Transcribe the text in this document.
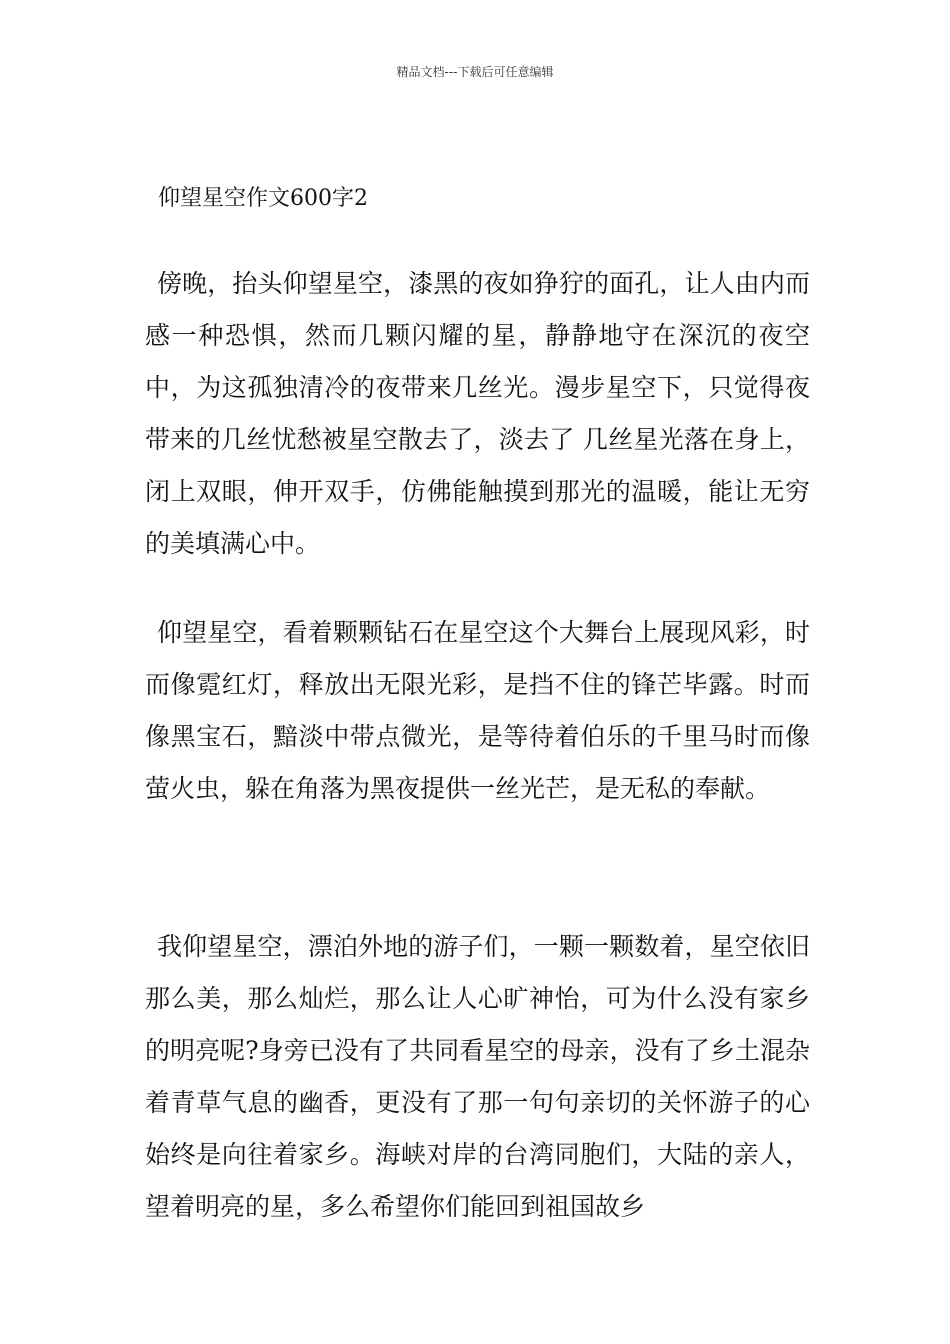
精品文档---下载后可任意编辑
仰望星空作文600字2

傍晚，抬头仰望星空，漆黑的夜如狰狞的面孔，让人由内而感一种恐惧，然而几颗闪耀的星，静静地守在深沉的夜空中，为这孤独清冷的夜带来几丝光。漫步星空下，只觉得夜带来的几丝忧愁被星空散去了，淡去了 几丝星光落在身上，闭上双眼，伸开双手，仿佛能触摸到那光的温暖，能让无穷的美填满心中。

仰望星空，看着颗颗钻石在星空这个大舞台上展现风彩，时而像霓红灯，释放出无限光彩，是挡不住的锋芒毕露。时而像黑宝石，黯淡中带点微光，是等待着伯乐的千里马时而像萤火虫，躲在角落为黑夜提供一丝光芒，是无私的奉献。

我仰望星空，漂泊外地的游子们，一颗一颗数着，星空依旧那么美，那么灿烂，那么让人心旷神怡，可为什么没有家乡的明亮呢?身旁已没有了共同看星空的母亲，没有了乡土混杂着青草气息的幽香，更没有了那一句句亲切的关怀游子的心始终是向往着家乡。海峡对岸的台湾同胞们，大陆的亲人，望着明亮的星，多么希望你们能回到祖国故乡
